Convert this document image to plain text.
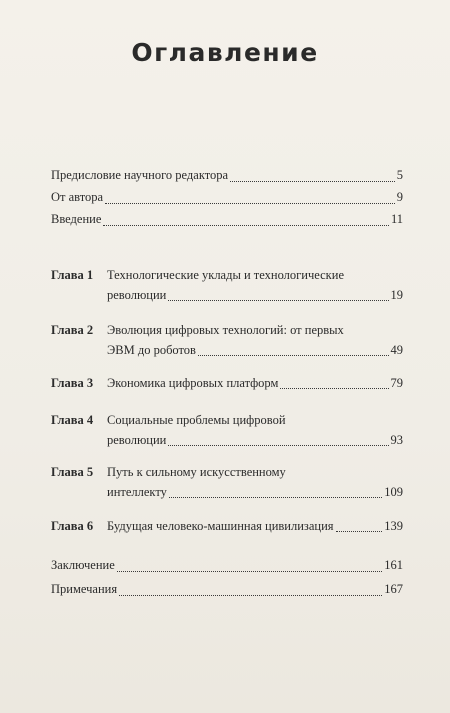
Оглавление
Предисловие научного редактора	5
От автора	9
Введение	11
Глава 1 Технологические уклады и технологические
революции	19
Глава 2 Эволюция цифровых технологий: от первых
ЭВМ до роботов	49
Глава 3 Экономика цифровых платформ	79
Глава 4 Социальные проблемы цифровой
революции	93
Глава 5 Путь к сильному искусственному
интеллекту	109
Глава 6 Будущая человеко-машинная цивилизация	139
Заключение	161
Примечания	167
